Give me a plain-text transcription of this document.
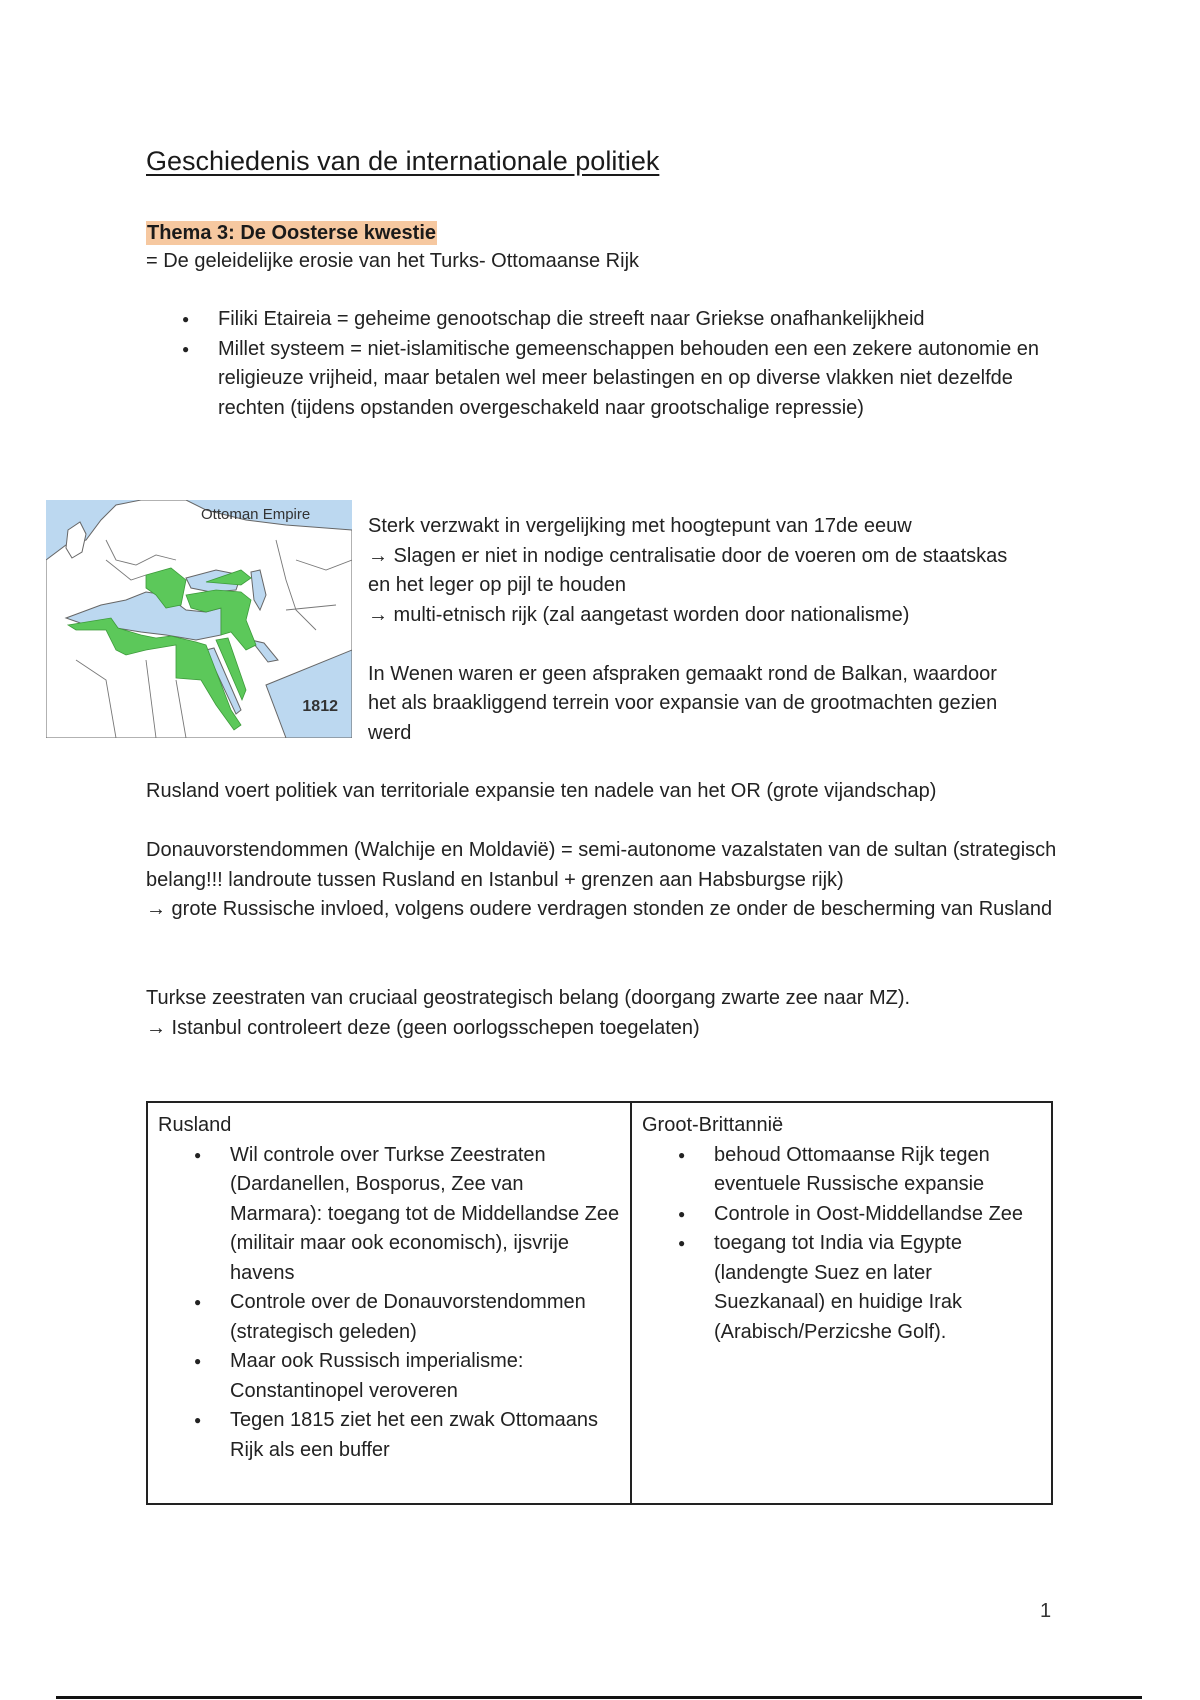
Geschiedenis van de internationale politiek
Thema 3: De Oosterse kwestie
= De geleidelijke erosie van het Turks- Ottomaanse Rijk
● Filiki Etaireia = geheime genootschap die streeft naar Griekse onafhankelijkheid
● Millet systeem = niet-islamitische gemeenschappen behouden een een zekere autonomie en religieuze vrijheid, maar betalen wel meer belastingen en op diverse vlakken niet dezelfde rechten (tijdens opstanden overgeschakeld naar grootschalige repressie)
Ottoman Empire
1812
Sterk verzwakt in vergelijking met hoogtepunt van 17de eeuw
→ Slagen er niet in nodige centralisatie door de voeren om de staatskas en het leger op pijl te houden
→ multi-etnisch rijk (zal aangetast worden door nationalisme)
In Wenen waren er geen afspraken gemaakt rond de Balkan, waardoor het als braakliggend terrein voor expansie van de grootmachten gezien werd
Rusland voert politiek van territoriale expansie ten nadele van het OR (grote vijandschap)
Donauvorstendommen (Walchije en Moldavië) = semi-autonome vazalstaten van de sultan (strategisch belang!!! landroute tussen Rusland en Istanbul + grenzen aan Habsburgse rijk)
→ grote Russische invloed, volgens oudere verdragen stonden ze onder de bescherming van Rusland
Turkse zeestraten van cruciaal geostrategisch belang (doorgang zwarte zee naar MZ).
→ Istanbul controleert deze (geen oorlogsschepen toegelaten)
Rusland
● Wil controle over Turkse Zeestraten (Dardanellen, Bosporus, Zee van Marmara): toegang tot de Middellandse Zee (militair maar ook economisch), ijsvrije havens
● Controle over de Donauvorstendommen (strategisch geleden)
● Maar ook Russisch imperialisme: Constantinopel veroveren
● Tegen 1815 ziet het een zwak Ottomaans Rijk als een buffer

Groot-Brittannië
● behoud Ottomaanse Rijk tegen eventuele Russische expansie
● Controle in Oost-Middellandse Zee
● toegang tot India via Egypte (landengte Suez en later Suezkanaal) en huidige Irak (Arabisch/Perzicshe Golf).
1
